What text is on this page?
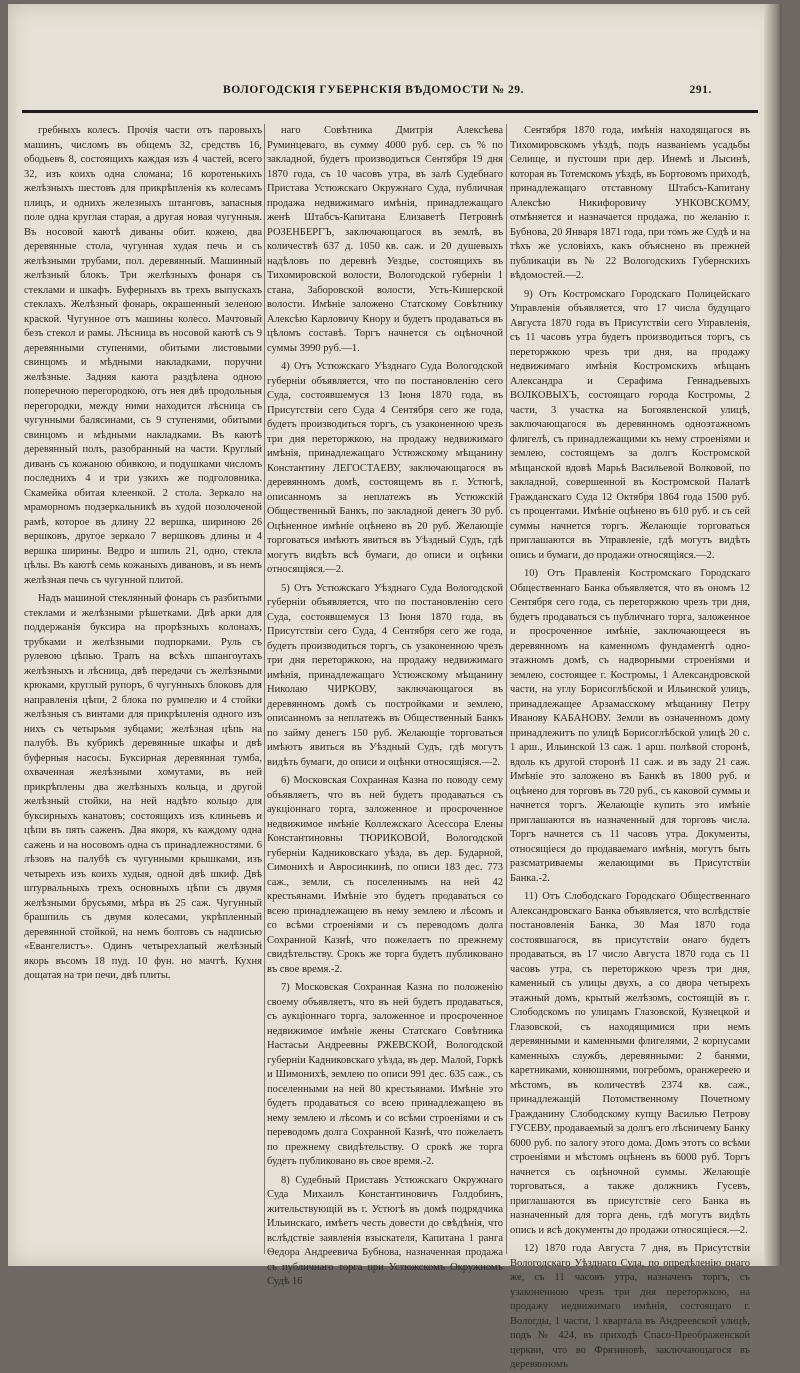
ВОЛОГОДСКІЯ ГУБЕРНСКІЯ ВѢДОМОСТИ № 29.	291.

гребныхъ колесъ. Прочія части отъ паровыхъ машинъ, числомъ въ общемъ 32, средствъ 16, ободьевъ 8, состоящихъ каждая изъ 4 частей, всего 32, изъ коихъ одна сломана; 16 коротенькихъ желѣзныхъ шестовъ для прикрѣпленія къ колесамъ плицъ, и однихъ железныхъ штанговъ, запасныя поле одна круглая старая, а другая новая чугунныя. Въ носовой каютѣ диваны обит. кожею, два деревянные стола, чугунная худая печь и съ желѣзными трубами, пол. деревянный. Машинный желѣзный блокъ. Три желѣзныхъ фонаря съ стеклами и шкафъ. Буферныхъ въ трехъ выпускахъ стеклахъ. Желѣзный фонарь, окрашенный зеленою краской. Чугунное отъ машины колесо. Мачтовый безъ стекол и рамы. Лѣсница въ носовой каютѣ съ 9 деревянными ступенями, обитыми листовыми свинцомъ и мѣдными накладками, поручни желѣзные. Задняя каюта раздѣлена одною поперечною перегородкою, отъ нея двѣ продольныя перегородки, между ними находится лѣсница съ чугунными балясинами, съ 9 ступенями, обитыми свинцомъ и мѣдными накладками. Въ каютѣ деревянный полъ, разобранный на части. Круглый диванъ съ кожаною обивкою, и подушками числомъ последнихъ 4 и три узкихъ же подголовника. Скамейка обитая клеенкой. 2 стола. Зеркало на мраморномъ подзеркальникѣ въ худой позолоченой рамѣ, которое въ длину 22 вершка, шириною 26 вершковъ, другое зеркало 7 вершковъ длины и 4 вершка ширины. Ведро и шпиль 21, одно, стекла цѣлы. Въ каютѣ семь кожаныхъ дивановъ, и въ немъ желѣзная печь съ чугунной плитой.

Надъ машиной стеклянный фонарь съ разбитыми стеклами и желѣзными рѣшетками. Двѣ арки для поддержанія буксира на прорѣзныхъ колонахъ, трубками и желѣзными подпорками. Руль съ рулевою цѣпью. Трапъ на всѣхъ шпангоутахъ желѣзныхъ и лѣсница, двѣ передачи съ желѣзными крюками, круглый рупоръ, 6 чугунныхъ блоковъ для направленія цѣпи, 2 блока по румпелю и 4 стойки желѣзныя съ винтами для прикрѣпленія одного изъ нихъ съ четырьмя зубцами; желѣзная цѣпь на палубѣ. Въ кубрикѣ деревянные шкафы и двѣ буферныя насосы. Буксирная деревянная тумба, охваченная желѣзными хомутами, въ ней прикрѣплены два желѣзныхъ кольца, и другой желѣзный стойки, на ней надѣто кольцо для буксирныхъ канатовъ; состоящихъ изъ клиньевъ и цѣпи въ пять саженъ. Два якоря, къ каждому одна сажень и на носовомъ одна съ принадлежностями. 6 лѣзовъ на палубѣ съ чугунными крышками, изъ четырехъ изъ коихъ худыя, одной двѣ шкиф. Двѣ штурвальныхъ трехъ основныхъ цѣпи съ двумя желѣзными брусьями, мѣра въ 25 саж. Чугунный брашпиль съ двумя колесами, укрѣпленный деревянной стойкой, на немъ болтовъ съ надписью «Евангелистъ». Одинъ четырехлапый желѣзный якорь въсомъ 18 пуд. 10 фун. но мачтѣ. Кухня дощатая на три печи, двѣ плиты.

наго Совѣтника Дмитрія Алексѣева Руминцеваго, въ сумму 4000 руб. сер. съ % по закладной, будетъ производиться Сентября 19 дня 1870 года, съ 10 часовъ утра, въ залѣ Судебнаго Пристава Устюжскаго Окружнаго Суда, публичная продажа недвижимаго имѣнія, принадлежащаго женѣ Штабсъ-Капитана Елизаветѣ Петровнѣ РОЗЕНБЕРГЪ, заключающагося въ землѣ, въ количествѣ 637 д. 1050 кв. саж. и 20 душевыхъ надѣловъ по деревнѣ Уездье, состоящихъ въ Тихомировской волости, Вологодской губерніи 1 стана, Заборовской волости, Усть-Кишерской волости. Имѣніе заложено Статскому Совѣтнику Алексѣю Карловичу Кнору и будетъ продаваться въ цѣломъ составѣ. Торгъ начнется съ оцѣночной суммы 3990 руб.—1.

4) Отъ Устюжскаго Уѣзднаго Суда Вологодской губерніи объявляется, что по постановленію сего Суда, состоявшемуся 13 Іюня 1870 года, въ Присутствіи сего Суда 4 Сентября сего же года, будетъ производиться торгъ, съ узаконенною чрезъ три дня переторжкою, на продажу недвижимаго имѣнія, принадлежащаго Устюжскому мѣщанину Константину ЛЕГОСТАЕВУ, заключающагося въ деревянномъ домѣ, состоящемъ въ г. Устюгѣ, описанномъ за неплатежъ въ Устюжскій Общественный Банкъ, по закладной денегъ 30 руб. Оцѣненное имѣніе оцѣнено въ 20 руб. Желающіе торговаться имѣютъ явиться въ Уѣздный Судъ, гдѣ могутъ видѣть всѣ бумаги, до описи и оцѣнки относящіяся.—2.

5) Отъ Устюжскаго Уѣзднаго Суда Вологодской губерніи объявляется, что по постановленію сего Суда, состоявшемуся 13 Іюня 1870 года, въ Присутствіи сего Суда, 4 Сентября сего же года, будетъ производиться торгъ, съ узаконенною чрезъ три дня переторжкою, на продажу недвижимаго имѣнія, принадлежащаго Устюжскому мѣщанину Николаю ЧИРКОВУ, заключающагося въ деревянномъ домѣ съ постройками и землею, описанномъ за неплатежъ въ Общественный Банкъ по займу денегъ 150 руб. Желающіе торговаться имѣютъ явиться въ Уѣздный Судъ, гдѣ могутъ видѣть бумаги, до описи и оцѣнки относящіяся.—2.

6) Московская Сохранная Казна по поводу сему объявляетъ, что въ ней будетъ продаваться съ аукціоннаго торга, заложенное и просроченное недвижимое имѣніе Коллежскаго Асессора Елены Константиновны ТЮРИКОВОЙ, Вологодской губерніи Кадниковскаго уѣзда, въ дер. Бударной, Симонихѣ и Авросинкинѣ, по описи 183 дес. 773 саж., земли, съ поселеннымъ на ней 42 крестьянами. Имѣніе это будетъ продаваться со всею принадлежащею въ нему землею и лѣсомъ и со всѣми строеніями и съ переводомъ долга Сохранной Казнѣ, что пожелаетъ по прежнему свидѣтельству. Срокъ же торга будетъ публиковано въ свое время.-2.

7) Московская Сохранная Казна по положенію своему объявляетъ, что въ ней будетъ продаваться, съ аукціоннаго торга, заложенное и просроченное недвижимое имѣніе жены Статскаго Совѣтника Настасьи Андреевны РЖЕВСКОЙ, Вологодской губерніи Кадниковскаго уѣзда, въ дер. Малой, Горкѣ и Шимонихѣ, землею по описи 991 дес. 635 саж., съ поселенными на ней 80 крестьянами. Имѣніе это будетъ продаваться со всею принадлежащею въ нему землею и лѣсомъ и со всѣми строеніями и съ переводомъ долга Сохранной Казнѣ, что пожелаетъ по прежнему свидѣтельству. О срокѣ же торга будетъ публиковано въ свое время.-2.

8) Судебный Приставъ Устюжскаго Окружнаго Суда Михаилъ Константиновичъ Голдобинъ, жительствующій въ г. Устюгѣ въ домѣ подрядчика Ильинскаго, имѣетъ честь довести до свѣдѣнія, что вслѣдствіе заявленія взыскателя, Капитана 1 ранга Ѳедора Андреевича Бубнова, назначенная продажа съ публичнаго торга при Устюжскомъ Окружномъ Судѣ 16

Сентября 1870 года, имѣнія находящагося въ Тихомировскомъ уѣздѣ, подъ названіемъ усадьбы Селище, и пустоши при дер. Инемѣ и Лысинѣ, которая въ Тотемскомъ уѣздѣ, въ Бортовомъ приходѣ, принадлежащаго отставному Штабсъ-Капитану Алексѣю Никифоровичу УНКОВСКОМУ, отмѣняется и назначается продажа, по желанію г. Бубнова, 20 Января 1871 года, при томъ же Судѣ и на тѣхъ же условіяхъ, какъ объяснено въ прежней публикаціи въ № 22 Вологодскихъ Губернскихъ вѣдомостей.—2.

9) Отъ Костромскаго Городскаго Полицейскаго Управленія объявляется, что 17 числа будущаго Августа 1870 года въ Присутствіи сего Управленія, съ 11 часовъ утра будетъ производиться торгъ, съ переторжкою чрезъ три дня, на продажу недвижимаго имѣнія Костромскихъ мѣщанъ Александра и Серафима Геннадьевыхъ ВОЛКОВЫХЪ, состоящаго города Костромы, 2 части, 3 участка на Богоявленской улицѣ, заключающагося въ деревянномъ одноэтажномъ флигелѣ, съ принадлежащими къ нему строеніями и землею, состоящемъ за долгъ Костромской мѣщанской вдовѣ Марьѣ Васильевой Волковой, по закладной, совершенной въ Костромской Палатѣ Гражданскаго Суда 12 Октября 1864 года 1500 руб. съ процентами. Имѣніе оцѣнено въ 610 руб. и съ сей суммы начнется торгъ. Желающіе торговаться приглашаются въ Управленіе, гдѣ могутъ видѣть опись и бумаги, до продажи относящіяся.—2.

10) Отъ Правленія Костромскаго Городскаго Общественнаго Банка объявляется, что въ ономъ 12 Сентября сего года, съ переторжкою чрезъ три дня, будетъ продаваться съ публичнаго торга, заложенное и просроченное имѣніе, заключающееся въ деревянномъ на каменномъ фундаментѣ одно-этажномъ домѣ, съ надворными строеніями и землею, состоящее г. Костромы, 1 Александровской части, на углу Борисоглѣбской и Ильинской улицъ, принадлежащее Арзамасскому мѣщанину Петру Иванову КАБАНОВУ. Земли въ означенномъ дому принадлежитъ по улицѣ Борисоглѣбской улицѣ 20 с. 1 арш., Ильинской 13 саж. 1 арш. полѣвой сторонѣ, вдоль къ другой сторонѣ 11 саж. и въ заду 21 саж. Имѣніе это заложено въ Банкѣ въ 1800 руб. и оцѣнено для торговъ въ 720 руб., съ каковой суммы и начнется торгъ. Желающіе купить это имѣніе приглашаются въ назначенный для торговъ числа. Торгъ начнется съ 11 часовъ утра. Документы, относящіеся до продаваемаго имѣнія, могутъ быть разсматриваемы желающими въ Присутствіи Банка.-2.

11) Отъ Слободскаго Городскаго Общественнаго Александровскаго Банка объявляется, что вслѣдствіе постановленія Банка, 30 Мая 1870 года состоявшагося, въ присутствіи онаго будетъ продаваться, въ 17 число Августа 1870 года съ 11 часовъ утра, съ переторжкою чрезъ три дня, каменный съ улицы двухъ, а со двора четырехъ этажный домъ, крытый желѣзомъ, состоящій въ г. Слободскомъ по улицамъ Глазовской, Кузнецкой и Глазовской, съ находящимися при немъ деревянными и каменными флигелями, 2 корпусами каменныхъ службъ, деревянными: 2 банями, каретниками, конюшнями, погребомъ, оранжереею и мѣстомъ, въ количествѣ 2374 кв. саж., принадлежащій Потомственному Почетному Гражданину Слободскому купцу Василью Петрову ГУСЕВУ, продаваемый за долгъ его лѣсничему Банку 6000 руб. по залогу этого дома. Домъ этотъ со всѣми строеніями и мѣстомъ оцѣненъ въ 6000 руб. Торгъ начнется съ оцѣночной суммы. Желающіе торговаться, а также должникъ Гусевъ, приглашаются въ присутствіе сего Банка въ назначенный для торга день, гдѣ могутъ видѣть опись и всѣ документы до продажи относящіеся.—2.

12) 1870 года Августа 7 дня, въ Присутствіи Вологодскаго Уѣзднаго Суда, по опредѣленію онаго же, съ 11 часовъ утра, назначенъ торгъ, съ узаконенною чрезъ три дня переторжкою, на продажу недвижимаго имѣнія, состоящаго г. Вологды, 1 части, 1 квартала въ Андреевской улицѣ, подъ № 424, въ приходѣ Спасо-Преображенской церкви, что во Фрязиновѣ, заключающагося въ деревянномъ
